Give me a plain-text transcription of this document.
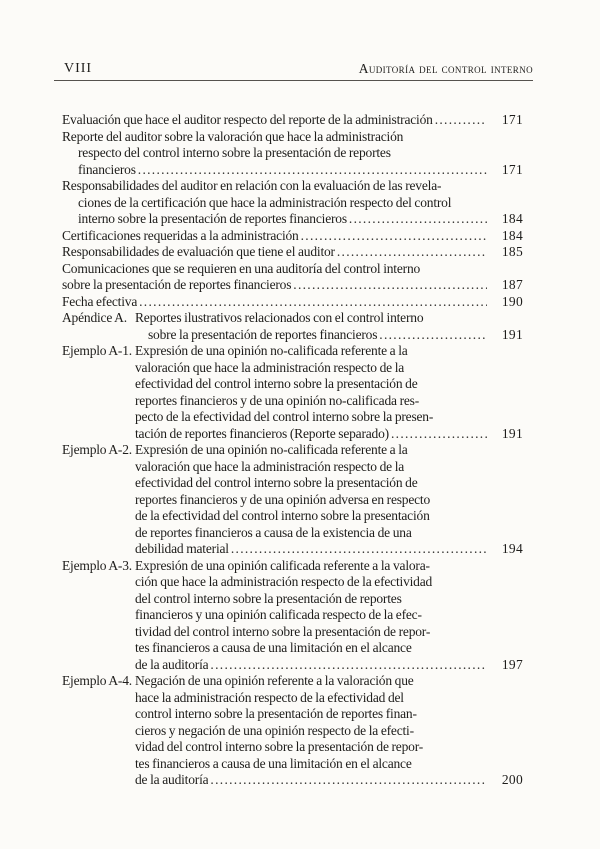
VIII	Auditoría del control interno
Evaluación que hace el auditor respecto del reporte de la administración .....	171
Reporte del auditor sobre la valoración que hace la administración
respecto del control interno sobre la presentación de reportes
financieros .....	171
Responsabilidades del auditor en relación con la evaluación de las revela-
ciones de la certificación que hace la administración respecto del control
interno sobre la presentación de reportes financieros .....	184
Certificaciones requeridas a la administración .....	184
Responsabilidades de evaluación que tiene el auditor .....	185
Comunicaciones que se requieren en una auditoría del control interno
sobre la presentación de reportes financieros .....	187
Fecha efectiva .....	190
Apéndice A. Reportes ilustrativos relacionados con el control interno
sobre la presentación de reportes financieros .....	191
Ejemplo A-1. Expresión de una opinión no-calificada referente a la
valoración que hace la administración respecto de la
efectividad del control interno sobre la presentación de
reportes financieros y de una opinión no-calificada res-
pecto de la efectividad del control interno sobre la presen-
tación de reportes financieros (Reporte separado) .....	191
Ejemplo A-2. Expresión de una opinión no-calificada referente a la
valoración que hace la administración respecto de la
efectividad del control interno sobre la presentación de
reportes financieros y de una opinión adversa en respecto
de la efectividad del control interno sobre la presentación
de reportes financieros a causa de la existencia de una
debilidad material .....	194
Ejemplo A-3. Expresión de una opinión calificada referente a la valora-
ción que hace la administración respecto de la efectividad
del control interno sobre la presentación de reportes
financieros y una opinión calificada respecto de la efec-
tividad del control interno sobre la presentación de repor-
tes financieros a causa de una limitación en el alcance
de la auditoría .....	197
Ejemplo A-4. Negación de una opinión referente a la valoración que
hace la administración respecto de la efectividad del
control interno sobre la presentación de reportes finan-
cieros y negación de una opinión respecto de la efecti-
vidad del control interno sobre la presentación de repor-
tes financieros a causa de una limitación en el alcance
de la auditoría .....	200
